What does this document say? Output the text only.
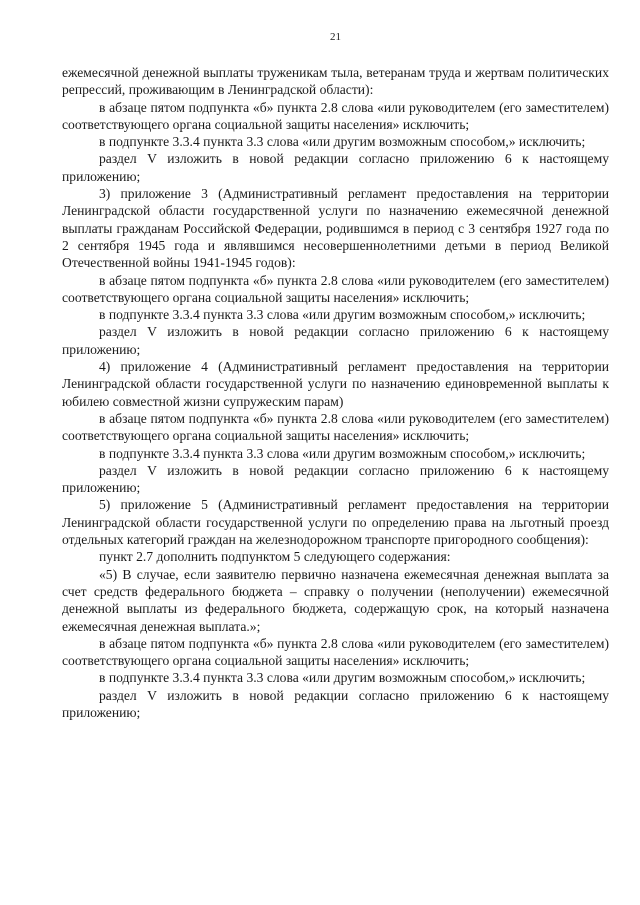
21

ежемесячной денежной выплаты труженикам тыла, ветеранам труда и жертвам политических репрессий, проживающим в Ленинградской области):

в абзаце пятом подпункта «б» пункта 2.8 слова «или руководителем (его заместителем) соответствующего органа социальной защиты населения» исключить;

в подпункте 3.3.4 пункта 3.3 слова «или другим возможным способом,» исключить;

раздел V изложить в новой редакции согласно приложению 6 к настоящему приложению;

3) приложение 3 (Административный регламент предоставления на территории Ленинградской области государственной услуги по назначению ежемесячной денежной выплаты гражданам Российской Федерации, родившимся в период с 3 сентября 1927 года по 2 сентября 1945 года и являвшимся несовершеннолетними детьми в период Великой Отечественной войны 1941-1945 годов):

в абзаце пятом подпункта «б» пункта 2.8 слова «или руководителем (его заместителем) соответствующего органа социальной защиты населения» исключить;

в подпункте 3.3.4 пункта 3.3 слова «или другим возможным способом,» исключить;

раздел V изложить в новой редакции согласно приложению 6 к настоящему приложению;

4) приложение 4 (Административный регламент предоставления на территории Ленинградской области государственной услуги по назначению единовременной выплаты к юбилею совместной жизни супружеским парам)

в абзаце пятом подпункта «б» пункта 2.8 слова «или руководителем (его заместителем) соответствующего органа социальной защиты населения» исключить;

в подпункте 3.3.4 пункта 3.3 слова «или другим возможным способом,» исключить;

раздел V изложить в новой редакции согласно приложению 6 к настоящему приложению;

5) приложение 5 (Административный регламент предоставления на территории Ленинградской области государственной услуги по определению права на льготный проезд отдельных категорий граждан на железнодорожном транспорте пригородного сообщения):

пункт 2.7 дополнить подпунктом 5 следующего содержания:

«5) В случае, если заявителю первично назначена ежемесячная денежная выплата за счет средств федерального бюджета – справку о получении (неполучении) ежемесячной денежной выплаты из федерального бюджета, содержащую срок, на который назначена ежемесячная денежная выплата.»;

в абзаце пятом подпункта «б» пункта 2.8 слова «или руководителем (его заместителем) соответствующего органа социальной защиты населения» исключить;

в подпункте 3.3.4 пункта 3.3 слова «или другим возможным способом,» исключить;

раздел V изложить в новой редакции согласно приложению 6 к настоящему приложению;
